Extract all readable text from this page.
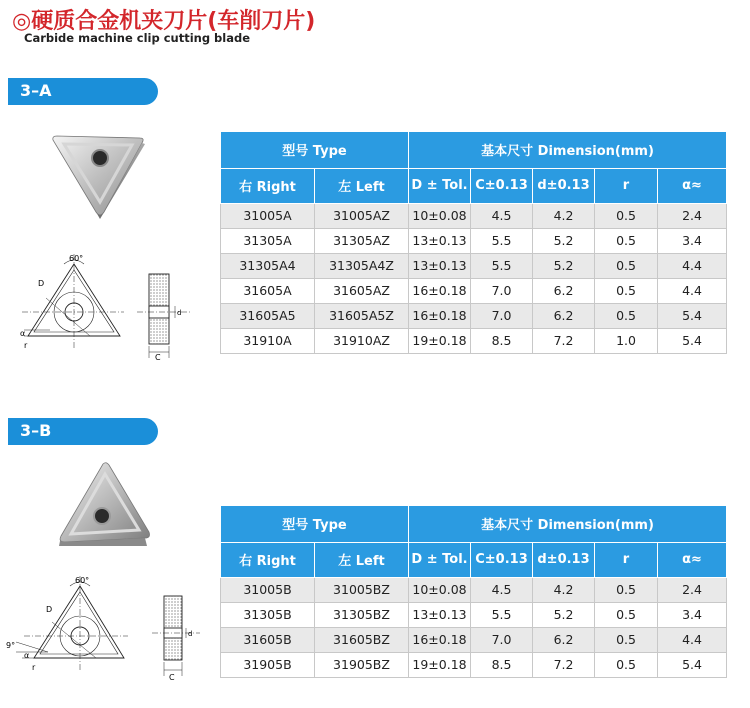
◎硬质合金机夹刀片(车削刀片)

Carbide machine clip cutting blade

3–A
60°
D
α
r
C
d
型号 Type		基本尺寸 Dimension(mm)				
右 Right	左 Left	D ± Tol.	C±0.13	d±0.13	r	α≈
31005A	31005AZ	10±0.08	4.5	4.2	0.5	2.4
31305A	31305AZ	13±0.13	5.5	5.2	0.5	3.4
31305A4	31305A4Z	13±0.13	5.5	5.2	0.5	4.4
31605A	31605AZ	16±0.18	7.0	6.2	0.5	4.4
31605A5	31605A5Z	16±0.18	7.0	6.2	0.5	5.4
31910A	31910AZ	19±0.18	8.5	7.2	1.0	5.4
3–B
60°
D
9°
α
r
C
d
型号 Type		基本尺寸 Dimension(mm)				
右 Right	左 Left	D ± Tol.	C±0.13	d±0.13	r	α≈
31005B	31005BZ	10±0.08	4.5	4.2	0.5	2.4
31305B	31305BZ	13±0.13	5.5	5.2	0.5	3.4
31605B	31605BZ	16±0.18	7.0	6.2	0.5	4.4
31905B	31905BZ	19±0.18	8.5	7.2	0.5	5.4
